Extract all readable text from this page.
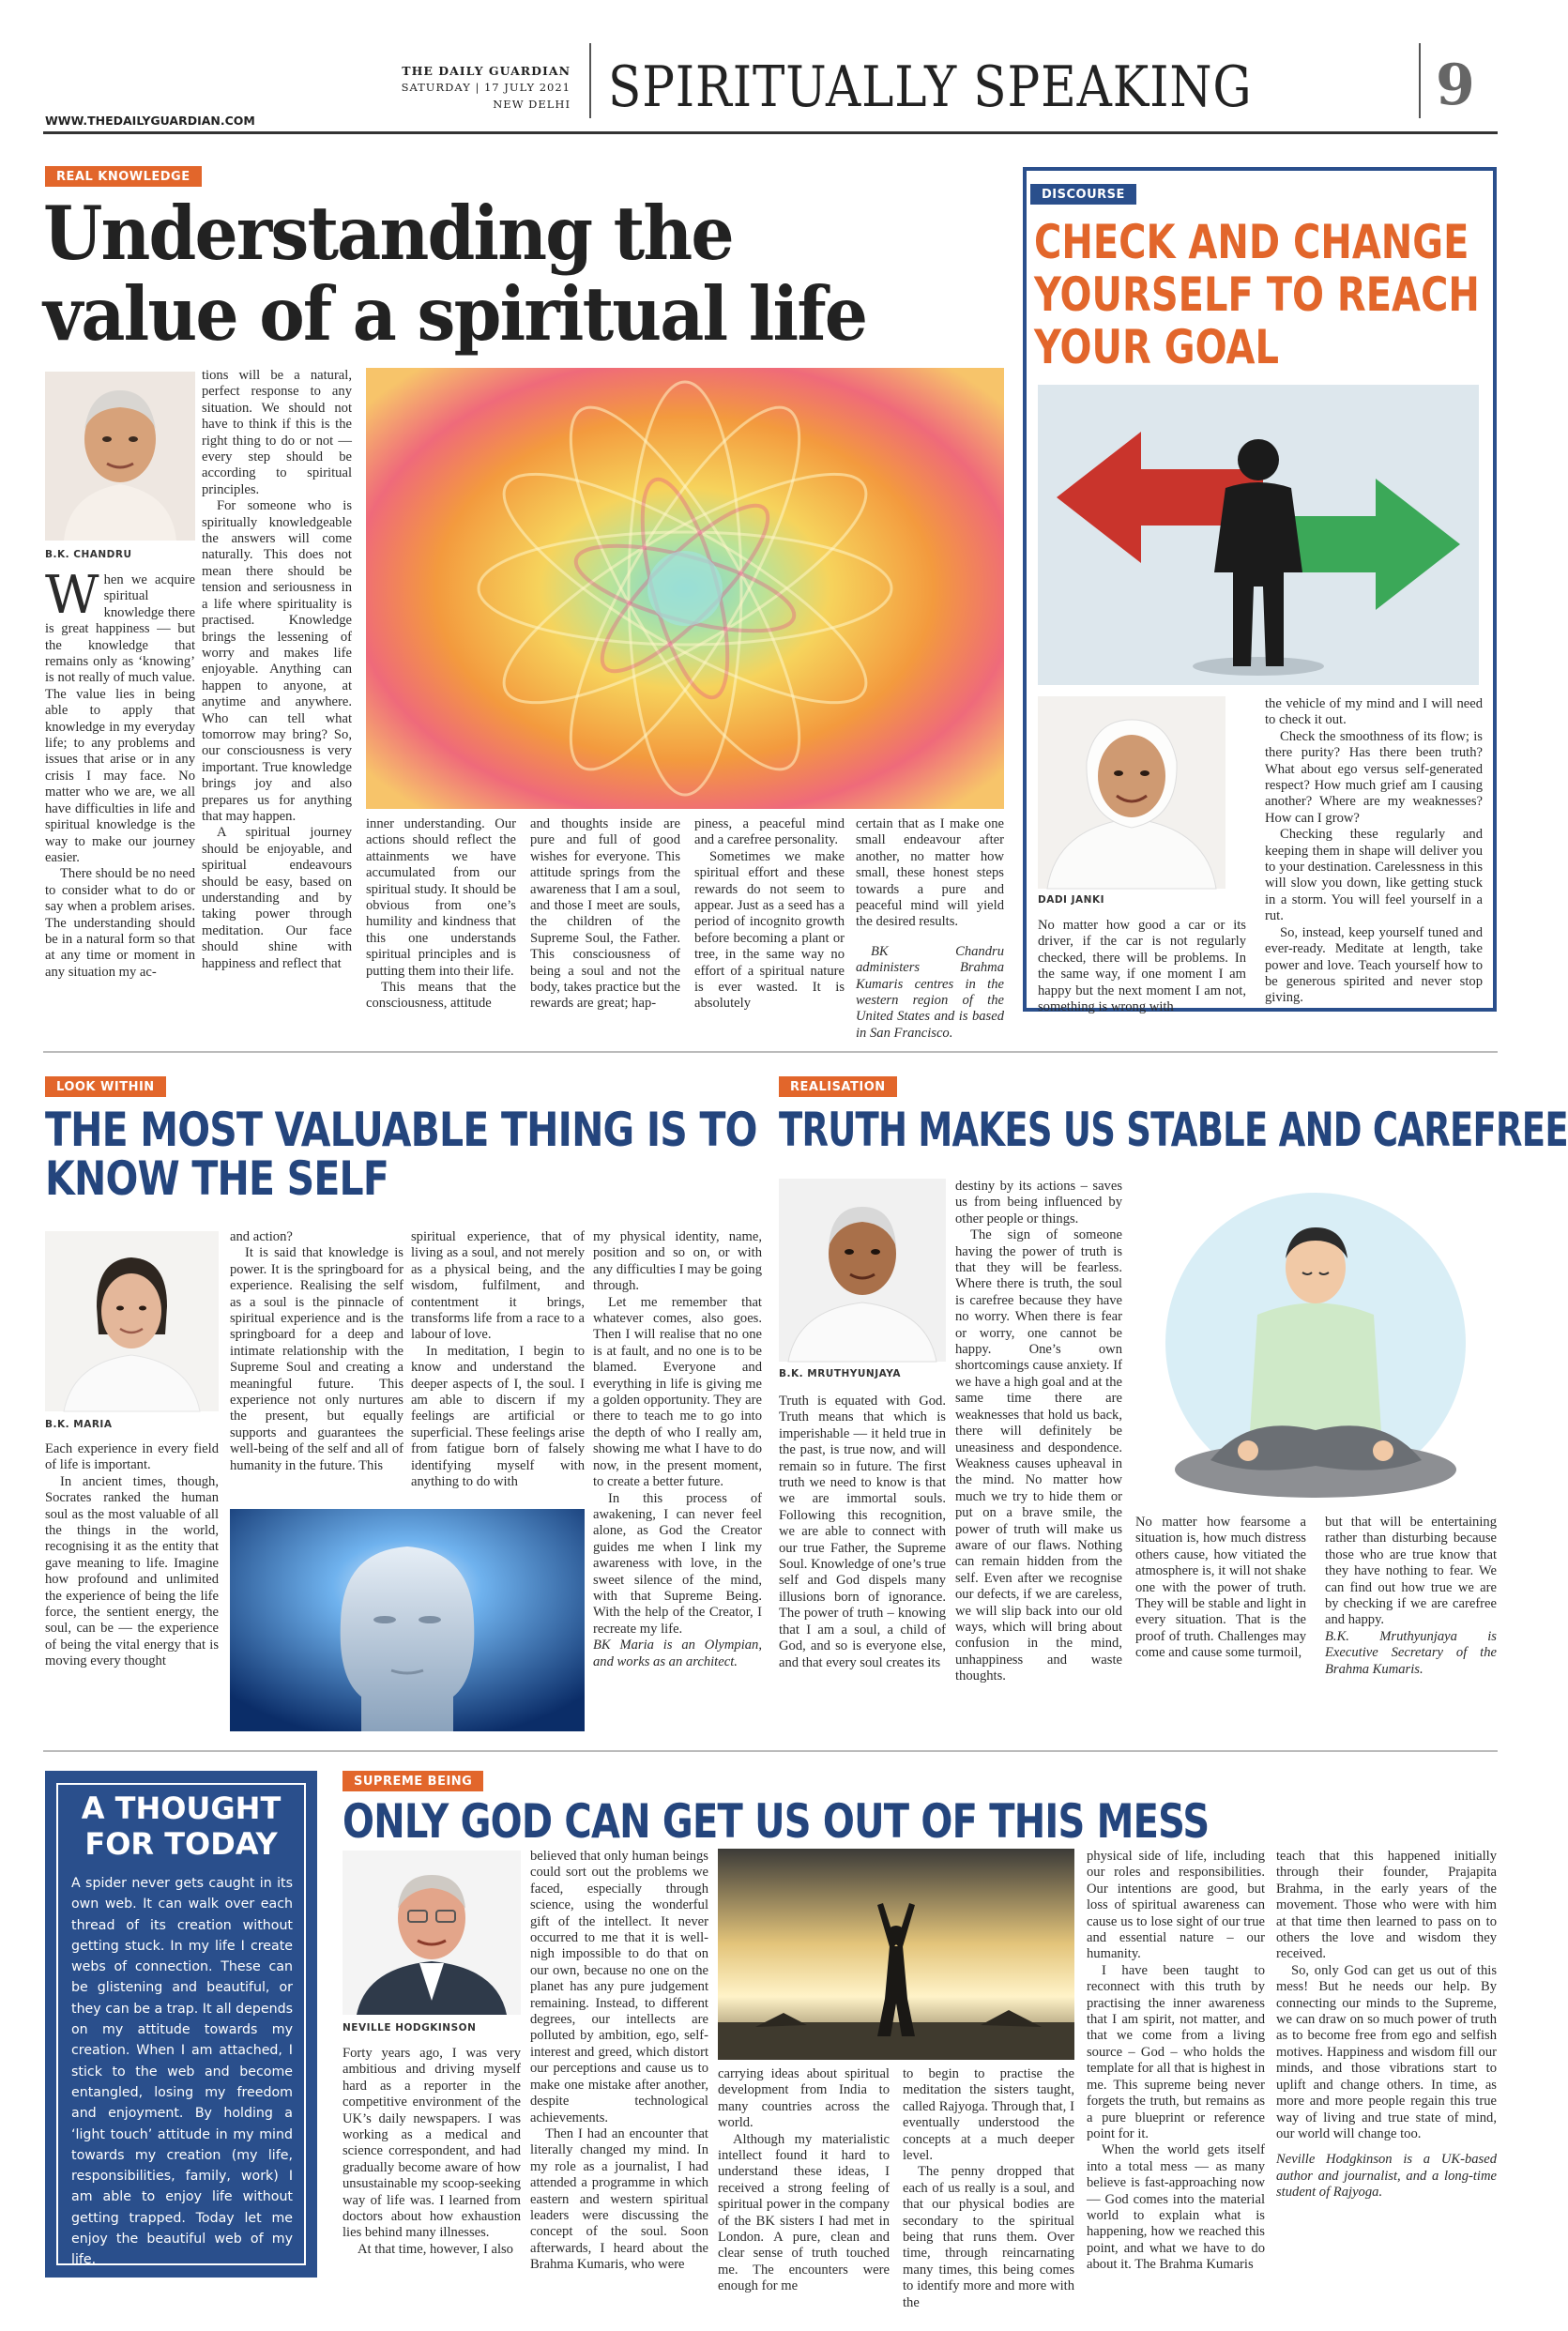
THE DAILY GUARDIAN
SATURDAY | 17 JULY 2021
NEW DELHI SPIRITUALLY SPEAKING	9
WWW.THEDAILYGUARDIAN.COM
REAL KNOWLEDGE
Understanding the
value of a spiritual life
B.K. CHANDRU

When we acquire spiritual knowledge there is great happiness — but the knowledge that remains only as ‘knowing’ is not really of much value. The value lies in being able to apply that knowledge in my everyday life; to any problems and issues that arise or in any crisis I may face. No matter who we are, we all have difficulties in life and spiritual knowledge is the way to make our journey easier.

There should be no need to consider what to do or say when a problem arises. The understanding should be in a natural form so that at any time or moment in any situation my ac-

tions will be a natural, perfect response to any situation. We should not have to think if this is the right thing to do or not — every step should be according to spiritual principles.

For someone who is spiritually knowledgeable the answers will come naturally. This does not mean there should be tension and seriousness in a life where spirituality is practised. Knowledge brings the lessening of worry and makes life enjoyable. Anything can happen to anyone, at anytime and anywhere. Who can tell what tomorrow may bring? So, our consciousness is very important. True knowledge brings joy and also prepares us for anything that may happen.

A spiritual journey should be enjoyable, and spiritual endeavours should be easy, based on understanding and by taking power through meditation. Our face should shine with happiness and reflect that

inner understanding. Our actions should reflect the attainments we have accumulated from our spiritual study. It should be obvious from one’s humility and kindness that this one understands spiritual principles and is putting them into their life.

This means that the consciousness, attitude

and thoughts inside are pure and full of good wishes for everyone. This attitude springs from the awareness that I am a soul, and those I meet are souls, the children of the Supreme Soul, the Father. This consciousness of being a soul and not the body, takes practice but the rewards are great; hap-

piness, a peaceful mind and a carefree personality.

Sometimes we make spiritual effort and these rewards do not seem to appear. Just as a seed has a period of incognito growth before becoming a plant or tree, in the same way no effort of a spiritual nature is ever wasted. It is absolutely

certain that as I make one small endeavour after another, no matter how small, these honest steps towards a pure and peaceful mind will yield the desired results.

BK Chandru administers Brahma Kumaris centres in the western region of the United States and is based in San Francisco.

DISCOURSE
CHECK AND CHANGE
YOURSELF TO REACH
YOUR GOAL
DADI JANKI

No matter how good a car or its driver, if the car is not regularly checked, there will be problems. In the same way, if one moment I am happy but the next moment I am not, something is wrong with

the vehicle of my mind and I will need to check it out.

Check the smoothness of its flow; is there purity? Has there been truth? What about ego versus self-generated respect? How much grief am I causing another? Where are my weaknesses? How can I grow?

Checking these regularly and keeping them in shape will deliver you to your destination. Carelessness in this will slow you down, like getting stuck in a storm. You will feel yourself in a rut.

So, instead, keep yourself tuned and ever-ready. Meditate at length, take power and love. Teach yourself how to be generous spirited and never stop giving.

LOOK WITHIN
THE MOST VALUABLE THING IS TO
KNOW THE SELF
B.K. MARIA

Each experience in every field of life is important.

In ancient times, though, Socrates ranked the human soul as the most valuable of all the things in the world, recognising it as the entity that gave meaning to life. Imagine how profound and unlimited the experience of being the life force, the sentient energy, the soul, can be — the experience of being the vital energy that is moving every thought

and action?

It is said that knowledge is power. It is the springboard for experience. Realising the self as a soul is the pinnacle of spiritual experience and is the springboard for a deep and intimate relationship with the Supreme Soul and creating a meaningful future. This experience not only nurtures the present, but equally supports and guarantees the well-being of the self and all of humanity in the future. This

spiritual experience, that of living as a soul, and not merely as a physical being, and the wisdom, fulfilment, and contentment it brings, transforms life from a race to a labour of love.

In meditation, I begin to know and understand the deeper aspects of I, the soul. I am able to discern if my feelings are artificial or superficial. These feelings arise from fatigue born of falsely identifying myself with anything to do with

my physical identity, name, position and so on, or with any difficulties I may be going through.

Let me remember that whatever comes, also goes. Then I will realise that no one is at fault, and no one is to be blamed. Everyone and everything in life is giving me a golden opportunity. They are there to teach me to go into the depth of who I really am, showing me what I have to do now, in the present moment, to create a better future.

In this process of awakening, I can never feel alone, as God the Creator guides me when I link my awareness with love, in the sweet silence of the mind, with that Supreme Being. With the help of the Creator, I recreate my life.

BK Maria is an Olympian, and works as an architect.

REALISATION
TRUTH MAKES US STABLE AND CAREFREE
B.K. MRUTHYUNJAYA

Truth is equated with God. Truth means that which is imperishable — it held true in the past, is true now, and will remain so in future. The first truth we need to know is that we are immortal souls. Following this recognition, we are able to connect with our true Father, the Supreme Soul. Knowledge of one’s true self and God dispels many illusions born of ignorance. The power of truth – knowing that I am a soul, a child of God, and so is everyone else, and that every soul creates its

destiny by its actions – saves us from being influenced by other people or things.

The sign of someone having the power of truth is that they will be fearless. Where there is truth, the soul is carefree because they have no worry. When there is fear or worry, one cannot be happy. One’s own shortcomings cause anxiety. If we have a high goal and at the same time there are weaknesses that hold us back, there will definitely be uneasiness and despondence. Weakness causes upheaval in the mind. No matter how much we try to hide them or put on a brave smile, the power of truth will make us aware of our flaws. Nothing can remain hidden from the self. Even after we recognise our defects, if we are careless, we will slip back into our old ways, which will bring about confusion in the mind, unhappiness and waste thoughts.

No matter how fearsome a situation is, how much distress others cause, how vitiated the atmosphere is, it will not shake one with the power of truth. They will be stable and light in every situation. That is the proof of truth. Challenges may come and cause some turmoil,

but that will be entertaining rather than disturbing because those who are true know that they have nothing to fear. We can find out how true we are by checking if we are carefree and happy.

B.K. Mruthyunjaya is Executive Secretary of the Brahma Kumaris.

A THOUGHT
FOR TODAY
A spider never gets caught in its own web. It can walk over each thread of its creation without getting stuck. In my life I create webs of connection. These can be glistening and beautiful, or they can be a trap. It all depends on my attitude towards my creation. When I am attached, I stick to the web and become entangled, losing my freedom and enjoyment. By holding a ‘light touch’ attitude in my mind towards my creation (my life, responsibilities, family, work) I am able to enjoy life without getting trapped. Today let me enjoy the beautiful web of my life.
SUPREME BEING
ONLY GOD CAN GET US OUT OF THIS MESS
NEVILLE HODGKINSON

Forty years ago, I was very ambitious and driving myself hard as a reporter in the competitive environment of the UK’s daily newspapers. I was working as a medical and science correspondent, and had gradually become aware of how unsustainable my scoop-seeking way of life was. I learned from doctors about how exhaustion lies behind many illnesses.

At that time, however, I also

believed that only human beings could sort out the problems we faced, especially through science, using the wonderful gift of the intellect. It never occurred to me that it is well-nigh impossible to do that on our own, because no one on the planet has any pure judgement remaining. Instead, to different degrees, our intellects are polluted by ambition, ego, self-interest and greed, which distort our perceptions and cause us to make one mistake after another, despite technological achievements.

Then I had an encounter that literally changed my mind. In my role as a journalist, I had attended a programme in which eastern and western spiritual leaders were discussing the concept of the soul. Soon afterwards, I heard about the Brahma Kumaris, who were

carrying ideas about spiritual development from India to many countries across the world.

Although my materialistic intellect found it hard to understand these ideas, I received a strong feeling of spiritual power in the company of the BK sisters I had met in London. A pure, clean and clear sense of truth touched me. The encounters were enough for me

to begin to practise the meditation the sisters taught, called Rajyoga. Through that, I eventually understood the concepts at a much deeper level.

The penny dropped that each of us really is a soul, and that our physical bodies are secondary to the spiritual being that runs them. Over time, through reincarnating many times, this being comes to identify more and more with the

physical side of life, including our roles and responsibilities. Our intentions are good, but loss of spiritual awareness can cause us to lose sight of our true and essential nature – our humanity.

I have been taught to reconnect with this truth by practising the inner awareness that I am spirit, not matter, and that we come from a living source – God – who holds the template for all that is highest in me. This supreme being never forgets the truth, but remains as a pure blueprint or reference point for it.

When the world gets itself into a total mess — as many believe is fast-approaching now — God comes into the material world to explain what is happening, how we reached this point, and what we have to do about it. The Brahma Kumaris

teach that this happened initially through their founder, Prajapita Brahma, in the early years of the movement. Those who were with him at that time then learned to pass on to others the love and wisdom they received.

So, only God can get us out of this mess! But he needs our help. By connecting our minds to the Supreme, we can draw on so much power of truth as to become free from ego and selfish motives. Happiness and wisdom fill our minds, and those vibrations start to uplift and change others. In time, as more and more people regain this true way of living and true state of mind, our world will change too.

Neville Hodgkinson is a UK-based author and journalist, and a long-time student of Rajyoga.
